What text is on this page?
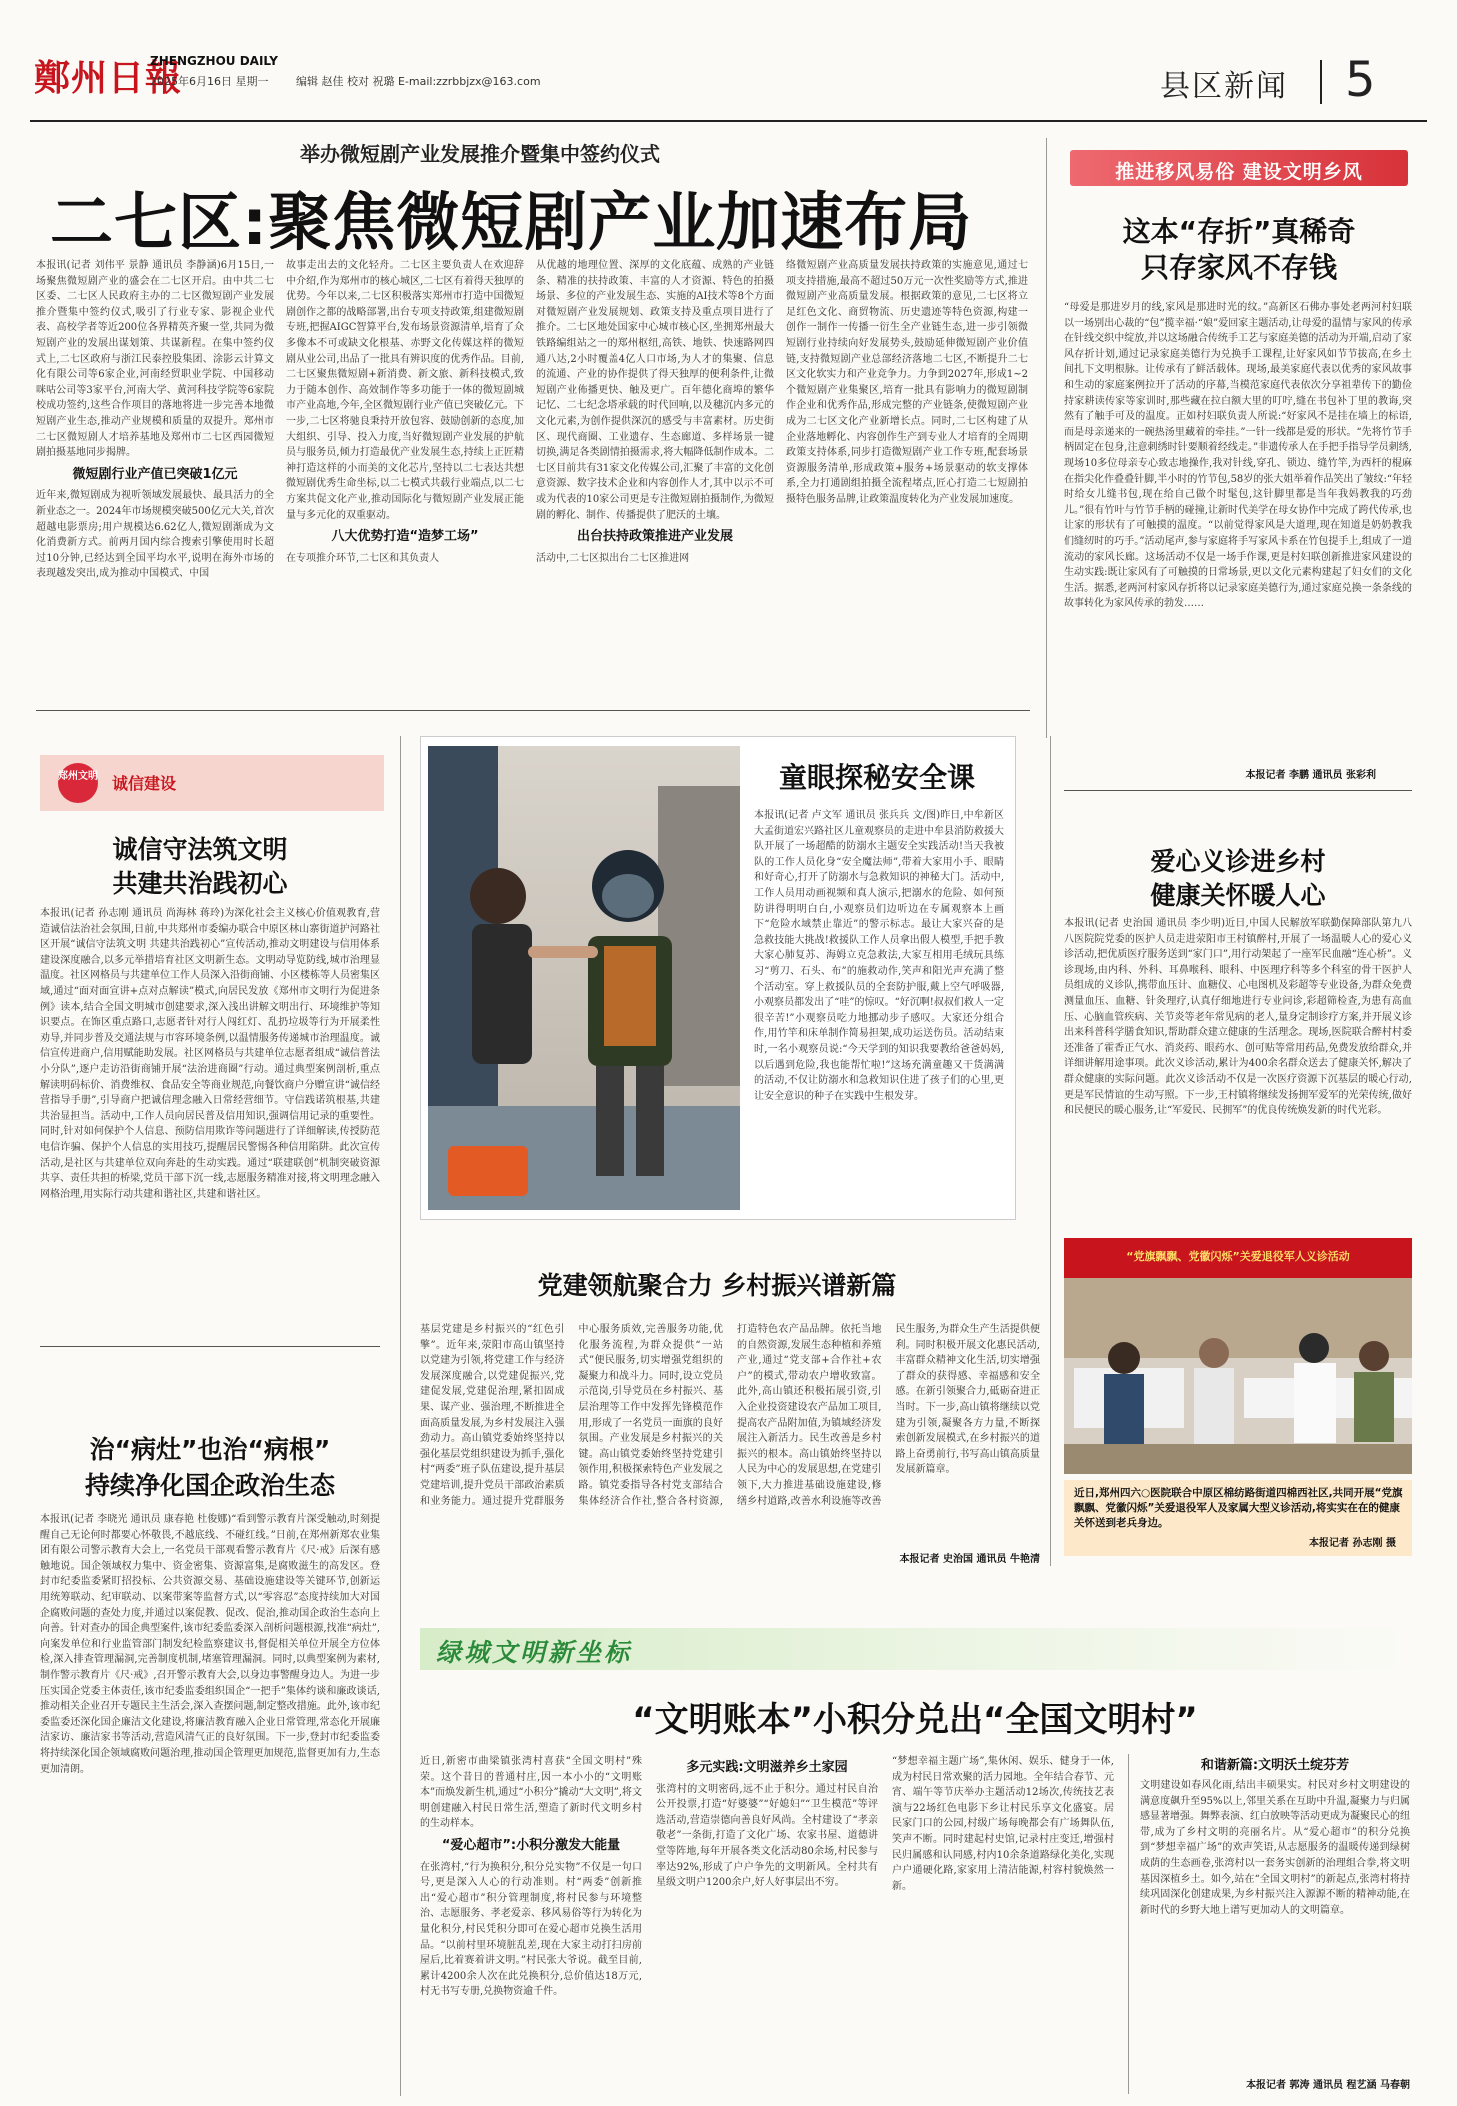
鄭州日報
ZHENGZHOU DAILY
2025年6月16日 星期一	编辑 赵佳 校对 祝璐 E-mail:zzrbbjzx@163.com	县区新闻 5
举办微短剧产业发展推介暨集中签约仪式
二七区:聚焦微短剧产业加速布局
本报讯(记者 刘伟平 景静 通讯员 李静涵)6月15日,一场聚焦微短剧产业的盛会在二七区开启。由中共二七区委、二七区人民政府主办的二七区微短剧产业发展推介暨集中签约仪式,吸引了行业专家、影视企业代表、高校学者等近200位各界精英齐聚一堂,共同为微短剧产业的发展出谋划策、共谋新程。在集中签约仪式上,二七区政府与浙江民泰控股集团、涂影云计算文化有限公司等6家企业,河南经贸职业学院、中国移动咪咕公司等3家平台,河南大学、黄河科技学院等6家院校成功签约,这些合作项目的落地将进一步完善本地微短剧产业生态,推动产业规模和质量的双提升。郑州市二七区微短剧人才培养基地及郑州市二七区西园微短剧拍摄基地同步揭牌。
微短剧行业产值已突破1亿元
近年来,微短剧成为视听领域发展最快、最具活力的全新业态之一。2024年市场规模突破500亿元大关,首次超越电影票房;用户规模达6.62亿人,微短剧渐成为文化消费新方式。前两月国内综合搜索引擎使用时长超过10分钟,已经达到全国平均水平,说明在海外市场的表现越发突出,成为推动中国模式、中国
故事走出去的文化轻舟。二七区主要负责人在欢迎辞中介绍,作为郑州市的核心城区,二七区有着得天独厚的优势。今年以来,二七区积极落实郑州市打造中国微短剧创作之都的战略部署,出台专项支持政策,组建微短剧专班,把握AIGC智算平台,发布场景资源清单,培育了众多像本不可或缺文化根基、赤野文化传媒这样的微短剧从业公司,出品了一批具有辨识度的优秀作品。目前,二七区聚焦微短剧+新消费、新文旅、新科技模式,致力于随本创作、高效制作等多功能于一体的微短剧城市产业高地,今年,全区微短剧行业产值已突破亿元。下一步,二七区将驰良秉持开放包容、鼓励创新的态度,加大组织、引导、投入力度,当好微短剧产业发展的护航员与服务员,倾力打造最优产业发展生态,持续上正匠精神打造这样的小而美的文化芯片,坚持以二七表达共想微短剧优秀生命坐标,以二七模式共载行业端点,以二七方案共促文化产业,推动国际化与微短剧产业发展正能量与多元化的双重驱动。
八大优势打造“造梦工场”
在专项推介环节,二七区和其负责人
从优越的地理位置、深厚的文化底蕴、成熟的产业链条、精准的扶持政策、丰富的人才资源、特色的拍摄场景、多位的产业发展生态、实施的AI技术等8个方面对微短剧产业发展规划、政策支持及重点项目进行了推介。二七区地处国家中心城市核心区,坐拥郑州最大铁路编组站之一的郑州枢纽,高铁、地铁、快速路网四通八达,2小时覆盖4亿人口市场,为人才的集聚、信息的流通、产业的协作提供了得天独厚的便利条件,让微短剧产业佈播更快、触及更广。百年德化商埠的繁华记忆、二七纪念塔承载的时代回响,以及穗沉内多元的文化元素,为创作提供深沉的感受与丰富素材。历史街区、现代商圈、工业遗存、生态廊道、多样场景一键切换,满足各类剧情拍摄需求,将大幅降低制作成本。二七区目前共有31家文化传媒公司,汇聚了丰富的文化创意资源、数字技术企业和内容创作人才,其中以示不可或为代表的10家公司更是专注微短剧拍摄制作,为微短剧的孵化、制作、传播提供了肥沃的土壤。
出台扶持政策推进产业发展
活动中,二七区拟出台二七区推进网
络微短剧产业高质量发展扶持政策的实施意见,通过七项支持措施,最高不超过50万元一次性奖励等方式,推进微短剧产业高质量发展。根据政策的意见,二七区将立足红色文化、商贸物流、历史遗迹等特色资源,构建一创作一制作一传播一衍生全产业链生态,进一步引领微短剧行业持续向好发展势头,鼓励延伸微短剧产业价值链,支持微短剧产业总部经济落地二七区,不断提升二七区文化软实力和产业竞争力。力争到2027年,形成1~2个微短剧产业集聚区,培育一批具有影响力的微短剧制作企业和优秀作品,形成完整的产业链条,使微短剧产业成为二七区文化产业新增长点。同时,二七区构建了从企业落地孵化、内容创作生产到专业人才培育的全周期政策支持体系,同步打造微短剧产业工作专班,配套场景资源服务清单,形成政策+服务+场景驱动的软支撑体系,全力打通剧组拍摄全流程堵点,匠心打造二七短剧拍摄特色服务品牌,让政策温度转化为产业发展加速度。
推进移风易俗 建设文明乡风
这本“存折”真稀奇
只存家风不存钱
“母爱是那进岁月的线,家风是那进时光的纹。”高新区石佛办事处老两河村妇联以一场别出心裁的“包”揽幸福·“娘”爱回家主题活动,让母爱的温情与家风的传承在针线交织中绽放,并以这场融合传统手工艺与家庭美德的活动为开端,启动了家风存折计划,通过记录家庭美德行为兑换手工课程,让好家风如节节拔高,在乡土间扎下文明根脉。让传承有了鲜活载体。现场,最美家庭代表以优秀的家风故事和生动的家庭案例拉开了活动的序幕,当模范家庭代表依次分享祖辈传下的勤俭持家耕读传家等家训时,那些藏在拉白额大里的叮咛,缝在书包补丁里的教诲,突然有了触手可及的温度。正如村妇联负责人所说:“好家风不是挂在墙上的标语,而是母亲递来的一碗热汤里藏着的牵挂。”一针一线都是爱的形状。“先将竹节手柄固定在包身,注意刺绣时针要顺着经线走。”非遗传承人在手把手指导学员刺绣,现场10多位母亲专心致志地操作,我对针线,穿孔、锁边、缝竹竿,为西杆的棍麻在指尖化作叠叠针脚,半小时的竹节包,58岁的张大姐举着作品笑出了皱纹:“年轻时给女儿缝书包,现在给自己做个时髦包,这针脚里都是当年我妈教我的巧劲儿。”很有竹叶与竹节手柄的碰撞,让新时代美学在母女协作中完成了跨代传承,也让家的形状有了可触摸的温度。“以前觉得家风是大道理,现在知道是奶奶教我们缝纫时的巧手。”活动尾声,参与家庭将手写家风卡系在竹包提手上,组成了一道流动的家风长廊。这场活动不仅是一场手作课,更是村妇联创新推进家风建设的生动实践:既让家风有了可触摸的日常场景,更以文化元素构建起了妇女们的文化生活。据悉,老两河村家风存折将以记录家庭美德行为,通过家庭兑换一条条线的故事转化为家风传承的勃发……
本报记者 李鹏 通讯员 张彩利
郑州文明 诚信建设
诚信守法筑文明
共建共治践初心
本报讯(记者 孙志刚 通讯员 尚海林 蒋玲)为深化社会主义核心价值观教育,营造诚信法治社会氛围,日前,中共郑州市委编办联合中原区林山寨街道护河路社区开展“诚信守法筑文明 共建共治践初心”宣传活动,推动文明建设与信用体系建设深度融合,以多元举措培育社区文明新生态。文明动导览防线,城市治理显温度。社区网格员与共建单位工作人员深入沿街商铺、小区楼栋等人员密集区域,通过“面对面宣讲+点对点解读”模式,向居民发放《郑州市文明行为促进条例》读本,结合全国文明城市创建要求,深入浅出讲解文明出行、环境维护等知识要点。在饰区重点路口,志愿者针对行人闯红灯、乱扔垃圾等行为开展柔性劝导,并同步普及交通法规与市容环境条例,以温情服务传递城市治理温度。诚信宣传进商户,信用赋能助发展。社区网格员与共建单位志愿者组成“诚信普法小分队”,逐户走访沿街商铺开展“法治进商圈”行动。通过典型案例剖析,重点解读明码标价、消费维权、食品安全等商业规范,向餐饮商户分赠宣讲“诚信经营指导手册”,引导商户把诚信理念融入日常经营细节。守信践诺筑根基,共建共治显担当。活动中,工作人员向居民普及信用知识,强调信用记录的重要性。同时,针对如何保护个人信息、预防信用欺诈等问题进行了详细解读,传授防范电信诈骗、保护个人信息的实用技巧,提醒居民警惕各种信用陷阱。此次宣传活动,是社区与共建单位双向奔赴的生动实践。通过“联建联创”机制突破资源共享、责任共担的桥梁,党员干部下沉一线,志愿服务精准对接,将文明理念融入网格治理,用实际行动共建和谐社区,共建和谐社区。
童眼探秘安全课
本报讯(记者 卢文军 通讯员 张兵兵 文/图)昨日,中牟新区大孟街道宏兴路社区儿童观察员的走进中牟县消防救援大队开展了一场超酷的防溺水主题安全实践活动!当天我被队的工作人员化身“安全魔法师”,带着大家用小手、眼睛和好奇心,打开了防溺水与急救知识的神秘大门。活动中,工作人员用动画视频和真人演示,把溺水的危险、如何预防讲得明明白白,小观察员们边听边在专属观察本上画下“危险水域禁止靠近”的警示标志。最让大家兴奋的是急救技能大挑战!救援队工作人员拿出假人模型,手把手教大家心肺复苏、海姆立克急救法,大家互相用毛绒玩具练习“剪刀、石头、布”的施救动作,笑声和阳光声充满了整个活动室。穿上救援队员的全套防护服,戴上空气呼吸器,小观察员都发出了“哇”的惊叹。“好沉啊!叔叔们救人一定很辛苦!”小观察员吃力地挪动步子感叹。大家还分组合作,用竹竿和床单制作简易担架,成功运送伤员。活动结束时,一名小观察员说:“今天学到的知识我要教给爸爸妈妈,以后遇到危险,我也能帮忙啦!”这场充满童趣又干货满满的活动,不仅让防溺水和急救知识住进了孩子们的心里,更让安全意识的种子在实践中生根发芽。
爱心义诊进乡村
健康关怀暖人心
本报讯(记者 史治国 通讯员 李少明)近日,中国人民解放军联勤保障部队第九八八医院院党委的医护人员走进荥阳市王村镇醉村,开展了一场温暖人心的爱心义诊活动,把优质医疗服务送到“家门口”,用行动架起了一座军民血融“连心桥”。义诊现场,由内科、外科、耳鼻喉科、眼科、中医理疗科等多个科室的骨干医护人员组成的义诊队,携带血压计、血糖仪、心电图机及彩超等专业设备,为群众免费测量血压、血糖、针灸理疗,认真仔细地进行专业问诊,彩超筛检查,为患有高血压、心脑血管疾病、关节炎等老年常见病的老人,量身定制诊疗方案,并开展义诊出来科普科学膳食知识,帮助群众建立健康的生活理念。现场,医院联合醉村村委还准备了霍香正气水、消炎药、眼药水、创可贴等常用药品,免费发放给群众,并详细讲解用途事项。此次义诊活动,累计为400余名群众送去了健康关怀,解决了群众健康的实际问题。此次义诊活动不仅是一次医疗资源下沉基层的暖心行动,更是军民情谊的生动写照。下一步,王村镇将继续发扬拥军爱军的光荣传统,做好和民便民的暖心服务,让“军爱民、民拥军”的优良传统焕发新的时代光彩。
“党旗飘飘、党徽闪烁”关爱退役军人义诊活动
近日,郑州四六○医院联合中原区棉纺路街道四棉西社区,共同开展“党旗飘飘、党徽闪烁”关爱退役军人及家属大型义诊活动,将实实在在的健康关怀送到老兵身边。
本报记者 孙志刚 摄
党建领航聚合力 乡村振兴谱新篇
基层党建是乡村振兴的“红色引擎”。近年来,荥阳市高山镇坚持以党建为引领,将党建工作与经济发展深度融合,以党建促振兴,党建促发展,党建促治理,紧扣固成果、谋产业、强治理,不断推进全面高质量发展,为乡村发展注入强劲动力。高山镇党委始终坚持以强化基层党组织建设为抓手,强化村“两委”班子队伍建设,提升基层党建培训,提升党员干部政治素质和业务能力。通过提升党群服务中心服务质效,完善服务功能,优化服务流程,为群众提供“一站式”便民服务,切实增强党组织的凝聚力和战斗力。同时,设立党员示范岗,引导党员在乡村振兴、基层治理等工作中发挥先锋模范作用,形成了一名党员一面旗的良好氛围。产业发展是乡村振兴的关键。高山镇党委始终坚持党建引领作用,积极探索特色产业发展之路。镇党委指导各村党支部结合集体经济合作社,整合各村资源,打造特色农产品品牌。依托当地的自然资源,发展生态种植和养殖产业,通过“党支部+合作社+农户”的模式,带动农户增收致富。此外,高山镇还积极拓展引资,引入企业投资建设农产品加工项目,提高农产品附加值,为镇域经济发展注入新活力。民生改善是乡村振兴的根本。高山镇始终坚持以人民为中心的发展思想,在党建引领下,大力推进基础设施建设,修缮乡村道路,改善水利设施等改善民生服务,为群众生产生活提供便利。同时积极开展文化惠民活动,丰富群众精神文化生活,切实增强了群众的获得感、幸福感和安全感。在新引领聚合力,砥砺奋进正当时。下一步,高山镇将继续以党建为引领,凝聚各方力量,不断探索创新发展模式,在乡村振兴的道路上奋勇前行,书写高山镇高质量发展新篇章。
本报记者 史治国 通讯员 牛艳清
治“病灶”也治“病根”
持续净化国企政治生态
本报讯(记者 李晓光 通讯员 康春艳 杜俊娜)“看到警示教育片深受触动,时刻提醒自己无论何时都要心怀敬畏,不越底线、不碰红线。”日前,在郑州新郑农业集团有限公司警示教育大会上,一名党员干部观看警示教育片《尺·戒》后深有感触地说。国企领域权力集中、资金密集、资源富集,是腐败滋生的高发区。登封市纪委监委紧盯招投标、公共资源交易、基础设施建设等关键环节,创新运用统筹联动、纪审联动、以案带案等监督方式,以“零容忍”态度持续加大对国企腐败问题的查处力度,并通过以案促教、促改、促治,推动国企政治生态向上向善。针对查办的国企典型案件,该市纪委监委深入剖析问题根源,找准“病灶”,向案发单位和行业监管部门制发纪检监察建议书,督促相关单位开展全方位体检,深入排查管理漏洞,完善制度机制,堵塞管理漏洞。同时,以典型案例为素材,制作警示教育片《尺·戒》,召开警示教育大会,以身边事警醒身边人。为进一步压实国企党委主体责任,该市纪委监委组织国企“一把手”集体约谈和廉政谈话,推动相关企业召开专题民主生活会,深入查摆问题,制定整改措施。此外,该市纪委监委还深化国企廉洁文化建设,将廉洁教育融入企业日常管理,常态化开展廉洁家访、廉洁家书等活动,营造风清气正的良好氛围。下一步,登封市纪委监委将持续深化国企领域腐败问题治理,推动国企管理更加规范,监督更加有力,生态更加清朗。
绿城文明新坐标
“文明账本”小积分兑出“全国文明村”
近日,新密市曲梁镇张湾村喜获“全国文明村”殊荣。这个昔日的普通村庄,因一本小小的“文明账本”而焕发新生机,通过“小积分”撬动“大文明”,将文明创建融入村民日常生活,塑造了新时代文明乡村的生动样本。
“爱心超市”:小积分激发大能量
在张湾村,“行为换积分,积分兑实物”不仅是一句口号,更是深入人心的行动准则。村“两委”创新推出“爱心超市”积分管理制度,将村民参与环境整治、志愿服务、孝老爱亲、移风易俗等行为转化为量化积分,村民凭积分即可在爱心超市兑换生活用品。“以前村里环境脏乱差,现在大家主动打扫房前屋后,比着赛着讲文明。”村民张大爷说。截至目前,累计4200余人次在此兑换积分,总价值达18万元,村无书写专册,兑换物资逾千件。
多元实践:文明滋养乡土家园
张湾村的文明密码,远不止于积分。通过村民自治公开投票,打造“好婆婆”“好媳妇”“卫生模范”等评选活动,营造崇德向善良好风尚。全村建设了“孝亲敬老”一条街,打造了文化广场、农家书屋、道德讲堂等阵地,每年开展各类文化活动80余场,村民参与率达92%,形成了户户争先的文明新风。全村共有星级文明户1200余户,好人好事层出不穷。
“梦想幸福主题广场”,集休闲、娱乐、健身于一体,成为村民日常欢聚的活力园地。全年结合春节、元宵、端午等节庆举办主题活动12场次,传统技艺表演与22场红色电影下乡让村民乐享文化盛宴。居民家门口的公园,村级广场每晚都会有广场舞队伍,笑声不断。同时建起村史馆,记录村庄变迁,增强村民归属感和认同感,村内10余条道路绿化美化,实现户户通硬化路,家家用上清洁能源,村容村貌焕然一新。
和谐新篇:文明沃土绽芬芳
文明建设如春风化雨,结出丰硕果实。村民对乡村文明建设的满意度飙升至95%以上,邻里关系在互助中升温,凝聚力与归属感显著增强。舞弊表演、红白放映等活动更成为凝聚民心的纽带,成为了乡村文明的亮丽名片。从“爱心超市”的积分兑换到“梦想幸福广场”的欢声笑语,从志愿服务的温暖传递到绿树成荫的生态画卷,张湾村以一套务实创新的治理组合拳,将文明基因深植乡土。如今,站在“全国文明村”的新起点,张湾村将持续巩固深化创建成果,为乡村振兴注入源源不断的精神动能,在新时代的乡野大地上谱写更加动人的文明篇章。
本报记者 郭涛 通讯员 程艺涵 马春朝
